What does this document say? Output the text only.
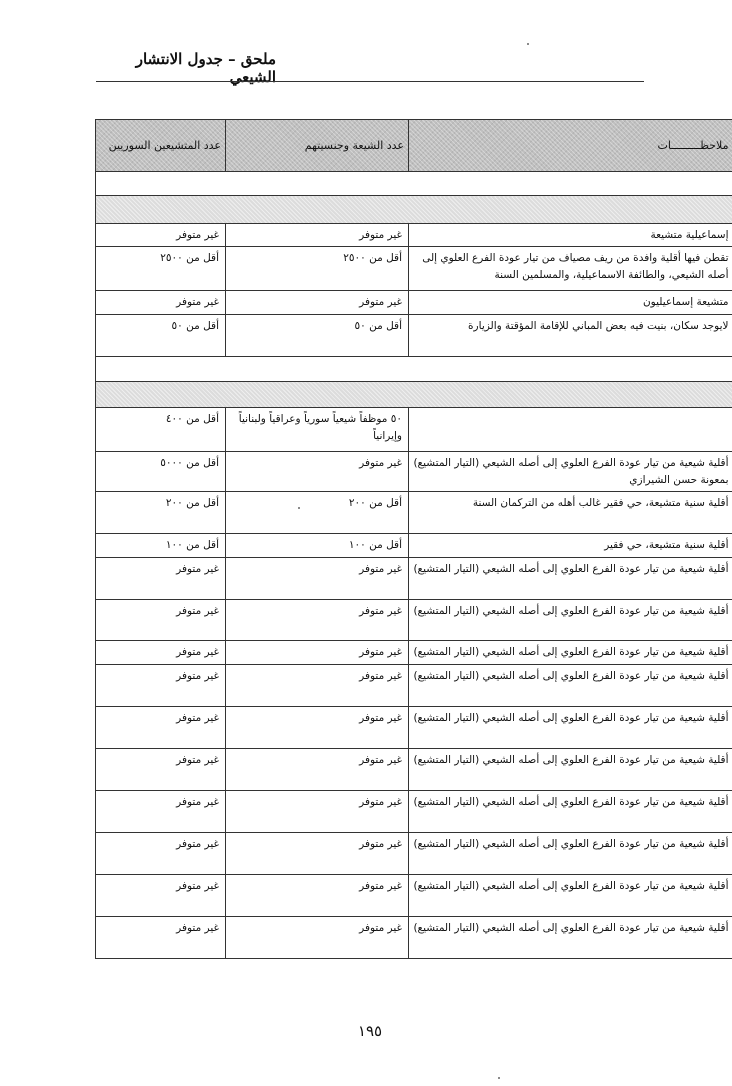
ملحق – جدول الانتشار الشيعي
عدد المتشيعين السوريين	عدد الشيعة وجنسيتهم	ملاحظـــــــــات

غير متوفر	غير متوفر	إسماعيلية متشيعة
أقل من ٢٥٠٠	أقل من ٢٥٠٠	تقطن فيها أقلية وافدة من ريف مصياف من تيار عودة الفرع العلوي إلى أصله الشيعي، والطائفة الاسماعيلية، والمسلمين السنة
غير متوفر	غير متوفر	متشيعة إسماعيليون
أقل من ٥٠	أقل من ٥٠	لايوجد سكان، بنيت فيه بعض المباني للإقامة المؤقتة والزيارة

أقل من ٤٠٠	٥٠ موظفاً شيعياً سورياً وعراقياً ولبنانياً وإيرانياً	
أقل من ٥٠٠٠	غير متوفر	أقلية شيعية من تيار عودة الفرع العلوي إلى أصله الشيعي (التيار المتشيع) بمعونة حسن الشيرازي
أقل من ٢٠٠	أقل من ٢٠٠	أقلية سنية متشيعة، حي فقير غالب أهله من التركمان السنة
أقل من ١٠٠	أقل من ١٠٠	أقلية سنية متشيعة، حي فقير
غير متوفر	غير متوفر	أقلية شيعية من تيار عودة الفرع العلوي إلى أصله الشيعي (التيار المتشيع)
غير متوفر	غير متوفر	أقلية شيعية من تيار عودة الفرع العلوي إلى أصله الشيعي (التيار المتشيع)
غير متوفر	غير متوفر	أقلية شيعية من تيار عودة الفرع العلوي إلى أصله الشيعي (التيار المتشيع)
غير متوفر	غير متوفر	أقلية شيعية من تيار عودة الفرع العلوي إلى أصله الشيعي (التيار المتشيع)
غير متوفر	غير متوفر	أقلية شيعية من تيار عودة الفرع العلوي إلى أصله الشيعي (التيار المتشيع)
غير متوفر	غير متوفر	أقلية شيعية من تيار عودة الفرع العلوي إلى أصله الشيعي (التيار المتشيع)
غير متوفر	غير متوفر	أقلية شيعية من تيار عودة الفرع العلوي إلى أصله الشيعي (التيار المتشيع)
غير متوفر	غير متوفر	أقلية شيعية من تيار عودة الفرع العلوي إلى أصله الشيعي (التيار المتشيع)
غير متوفر	غير متوفر	أقلية شيعية من تيار عودة الفرع العلوي إلى أصله الشيعي (التيار المتشيع)
غير متوفر	غير متوفر	أقلية شيعية من تيار عودة الفرع العلوي إلى أصله الشيعي (التيار المتشيع)
١٩٥
